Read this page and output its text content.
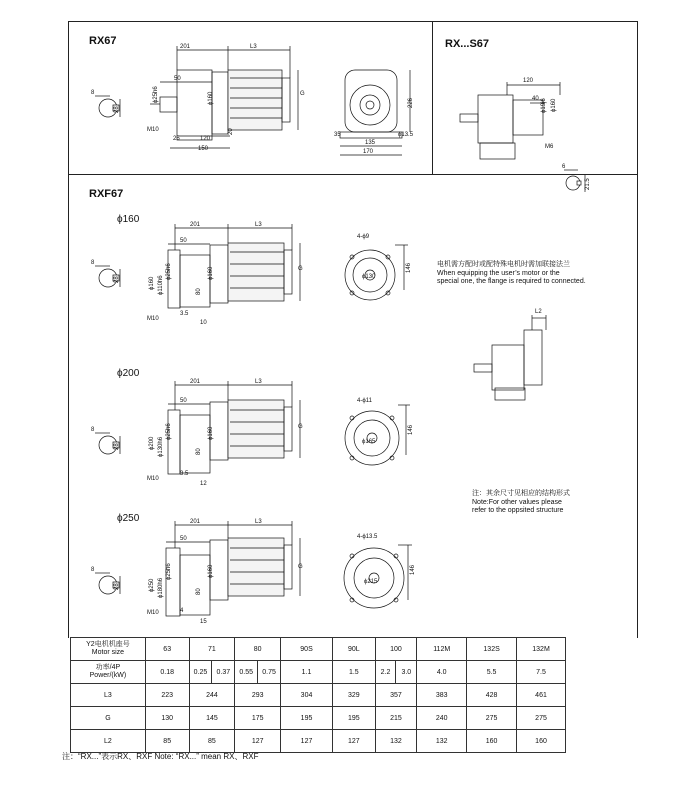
RX67	RX...S67
RXF67
8
28
201	L3
50
ϕ25h6	G
M10
25	120
150
20
ϕ160	226
35
135
170
ϕ13.5
120
40 ϕ19j6 ϕ160
M6
6
21.5
电机需方配时或配特殊电机时需加联接法兰
When equipping the user’s motor or the
special one, the flange is required to connected.
L2
注：其余尺寸见相应的结构形式
Note:For other values please
refer to the oppsited structure
ϕ160
ϕ200
ϕ250
8
28
201	L3
50
G
ϕ160 ϕ110h6
ϕ25h6
80
ϕ160
M10
3.5
10
4-ϕ9
ϕ130
146
8
28
201	L3
50
G
ϕ200 ϕ130h6
ϕ25h6
80
ϕ160
M10
3.5
12
4-ϕ11
ϕ165
146
8
28
201	L3
50
G
ϕ250 ϕ180h6
ϕ25h6
80
ϕ160
M10	4
15
4-ϕ13.5
ϕ215
146
Y2电机机座号
Motor size	63	71		80		90S	90L	100		112M	132S	132M

功率/4P
Power/(kW)	0.18	0.25	0.37	0.55	0.75	1.1	1.5	2.2	3.0	4.0	5.5	7.5
L3	223	244		293		304	329	357		383	428	461
G	130	145		175		195	195	215		240	275	275
L2	85	85		127		127	127	132		132	160	160
注：“RX...”表示RX、RXF Note: “RX...” mean RX、RXF
